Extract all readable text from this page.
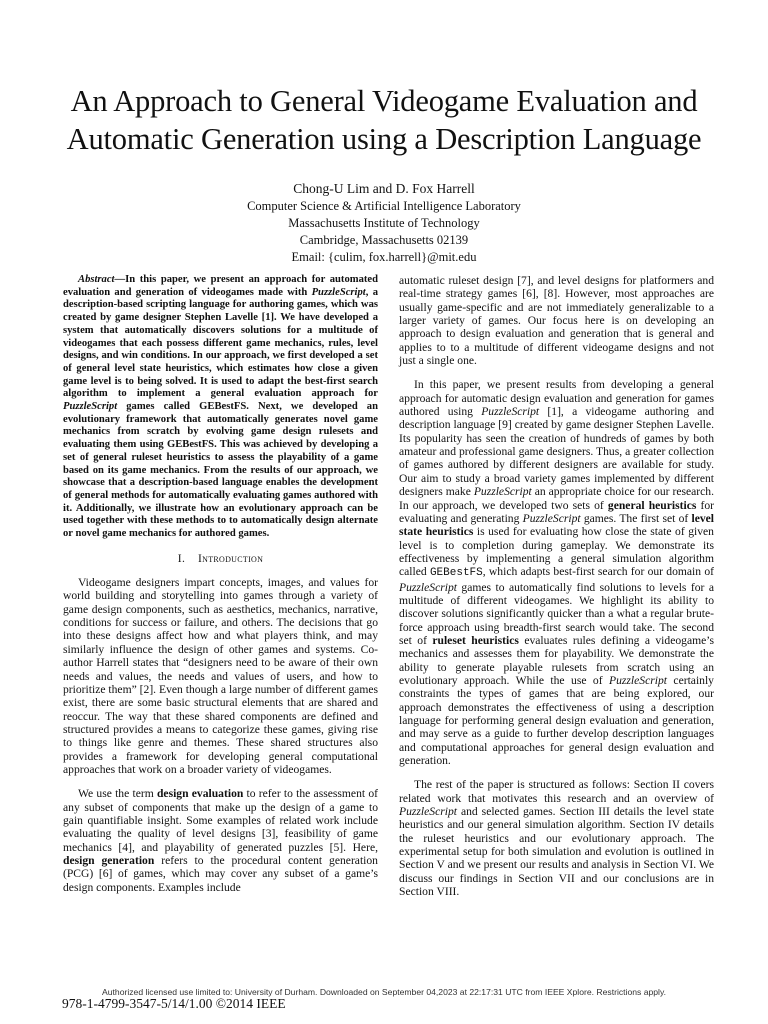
An Approach to General Videogame Evaluation and Automatic Generation using a Description Language
Chong-U Lim and D. Fox Harrell
Computer Science & Artificial Intelligence Laboratory
Massachusetts Institute of Technology
Cambridge, Massachusetts 02139
Email: {culim, fox.harrell}@mit.edu

Abstract—In this paper, we present an approach for automated evaluation and generation of videogames made with PuzzleScript, a description-based scripting language for authoring games, which was created by game designer Stephen Lavelle [1]. We have developed a system that automatically discovers solutions for a multitude of videogames that each possess different game mechanics, rules, level designs, and win conditions. In our approach, we first developed a set of general level state heuristics, which estimates how close a given game level is to being solved. It is used to adapt the best-first search algorithm to implement a general evaluation approach for PuzzleScript games called GEBestFS. Next, we developed an evolutionary framework that automatically generates novel game mechanics from scratch by evolving game design rulesets and evaluating them using GEBestFS. This was achieved by developing a set of general ruleset heuristics to assess the playability of a game based on its game mechanics. From the results of our approach, we showcase that a description-based language enables the development of general methods for automatically evaluating games authored with it. Additionally, we illustrate how an evolutionary approach can be used together with these methods to to automatically design alternate or novel game mechanics for authored games.

I. Introduction

Videogame designers impart concepts, images, and values for world building and storytelling into games through a variety of game design components, such as aesthetics, mechanics, narrative, conditions for success or failure, and others. The decisions that go into these designs affect how and what players think, and may similarly influence the design of other games and systems. Co-author Harrell states that “designers need to be aware of their own needs and values, the needs and values of users, and how to prioritize them” [2]. Even though a large number of different games exist, there are some basic structural elements that are shared and reoccur. The way that these shared components are defined and structured provides a means to categorize these games, giving rise to things like genre and themes. These shared structures also provides a framework for developing general computational approaches that work on a broader variety of videogames.

We use the term design evaluation to refer to the assessment of any subset of components that make up the design of a game to gain quantifiable insight. Some examples of related work include evaluating the quality of level designs [3], feasibility of game mechanics [4], and playability of generated puzzles [5]. Here, design generation refers to the procedural content generation (PCG) [6] of games, which may cover any subset of a game’s design components. Examples include

automatic ruleset design [7], and level designs for platformers and real-time strategy games [6], [8]. However, most approaches are usually game-specific and are not immediately generalizable to a larger variety of games. Our focus here is on developing an approach to design evaluation and generation that is general and applies to to a multitude of different videogame designs and not just a single one.

In this paper, we present results from developing a general approach for automatic design evaluation and generation for games authored using PuzzleScript [1], a videogame authoring and description language [9] created by game designer Stephen Lavelle. Its popularity has seen the creation of hundreds of games by both amateur and professional game designers. Thus, a greater collection of games authored by different designers are available for study. Our aim to study a broad variety games implemented by different designers make PuzzleScript an appropriate choice for our research. In our approach, we developed two sets of general heuristics for evaluating and generating PuzzleScript games. The first set of level state heuristics is used for evaluating how close the state of given level is to completion during gameplay. We demonstrate its effectiveness by implementing a general simulation algorithm called GEBestFS, which adapts best-first search for our domain of PuzzleScript games to automatically find solutions to levels for a multitude of different videogames. We highlight its ability to discover solutions significantly quicker than a what a regular brute-force approach using breadth-first search would take. The second set of ruleset heuristics evaluates rules defining a videogame’s mechanics and assesses them for playability. We demonstrate the ability to generate playable rulesets from scratch using an evolutionary approach. While the use of PuzzleScript certainly constraints the types of games that are being explored, our approach demonstrates the effectiveness of using a description language for performing general design evaluation and generation, and may serve as a guide to further develop description languages and computational approaches for general design evaluation and generation.

The rest of the paper is structured as follows: Section II covers related work that motivates this research and an overview of PuzzleScript and selected games. Section III details the level state heuristics and our general simulation algorithm. Section IV details the ruleset heuristics and our evolutionary approach. The experimental setup for both simulation and evolution is outlined in Section V and we present our results and analysis in Section VI. We discuss our findings in Section VII and our conclusions are in Section VIII.

Authorized licensed use limited to: University of Durham. Downloaded on September 04,2023 at 22:17:31 UTC from IEEE Xplore. Restrictions apply.
978-1-4799-3547-5/14/1.00 ©2014 IEEE
